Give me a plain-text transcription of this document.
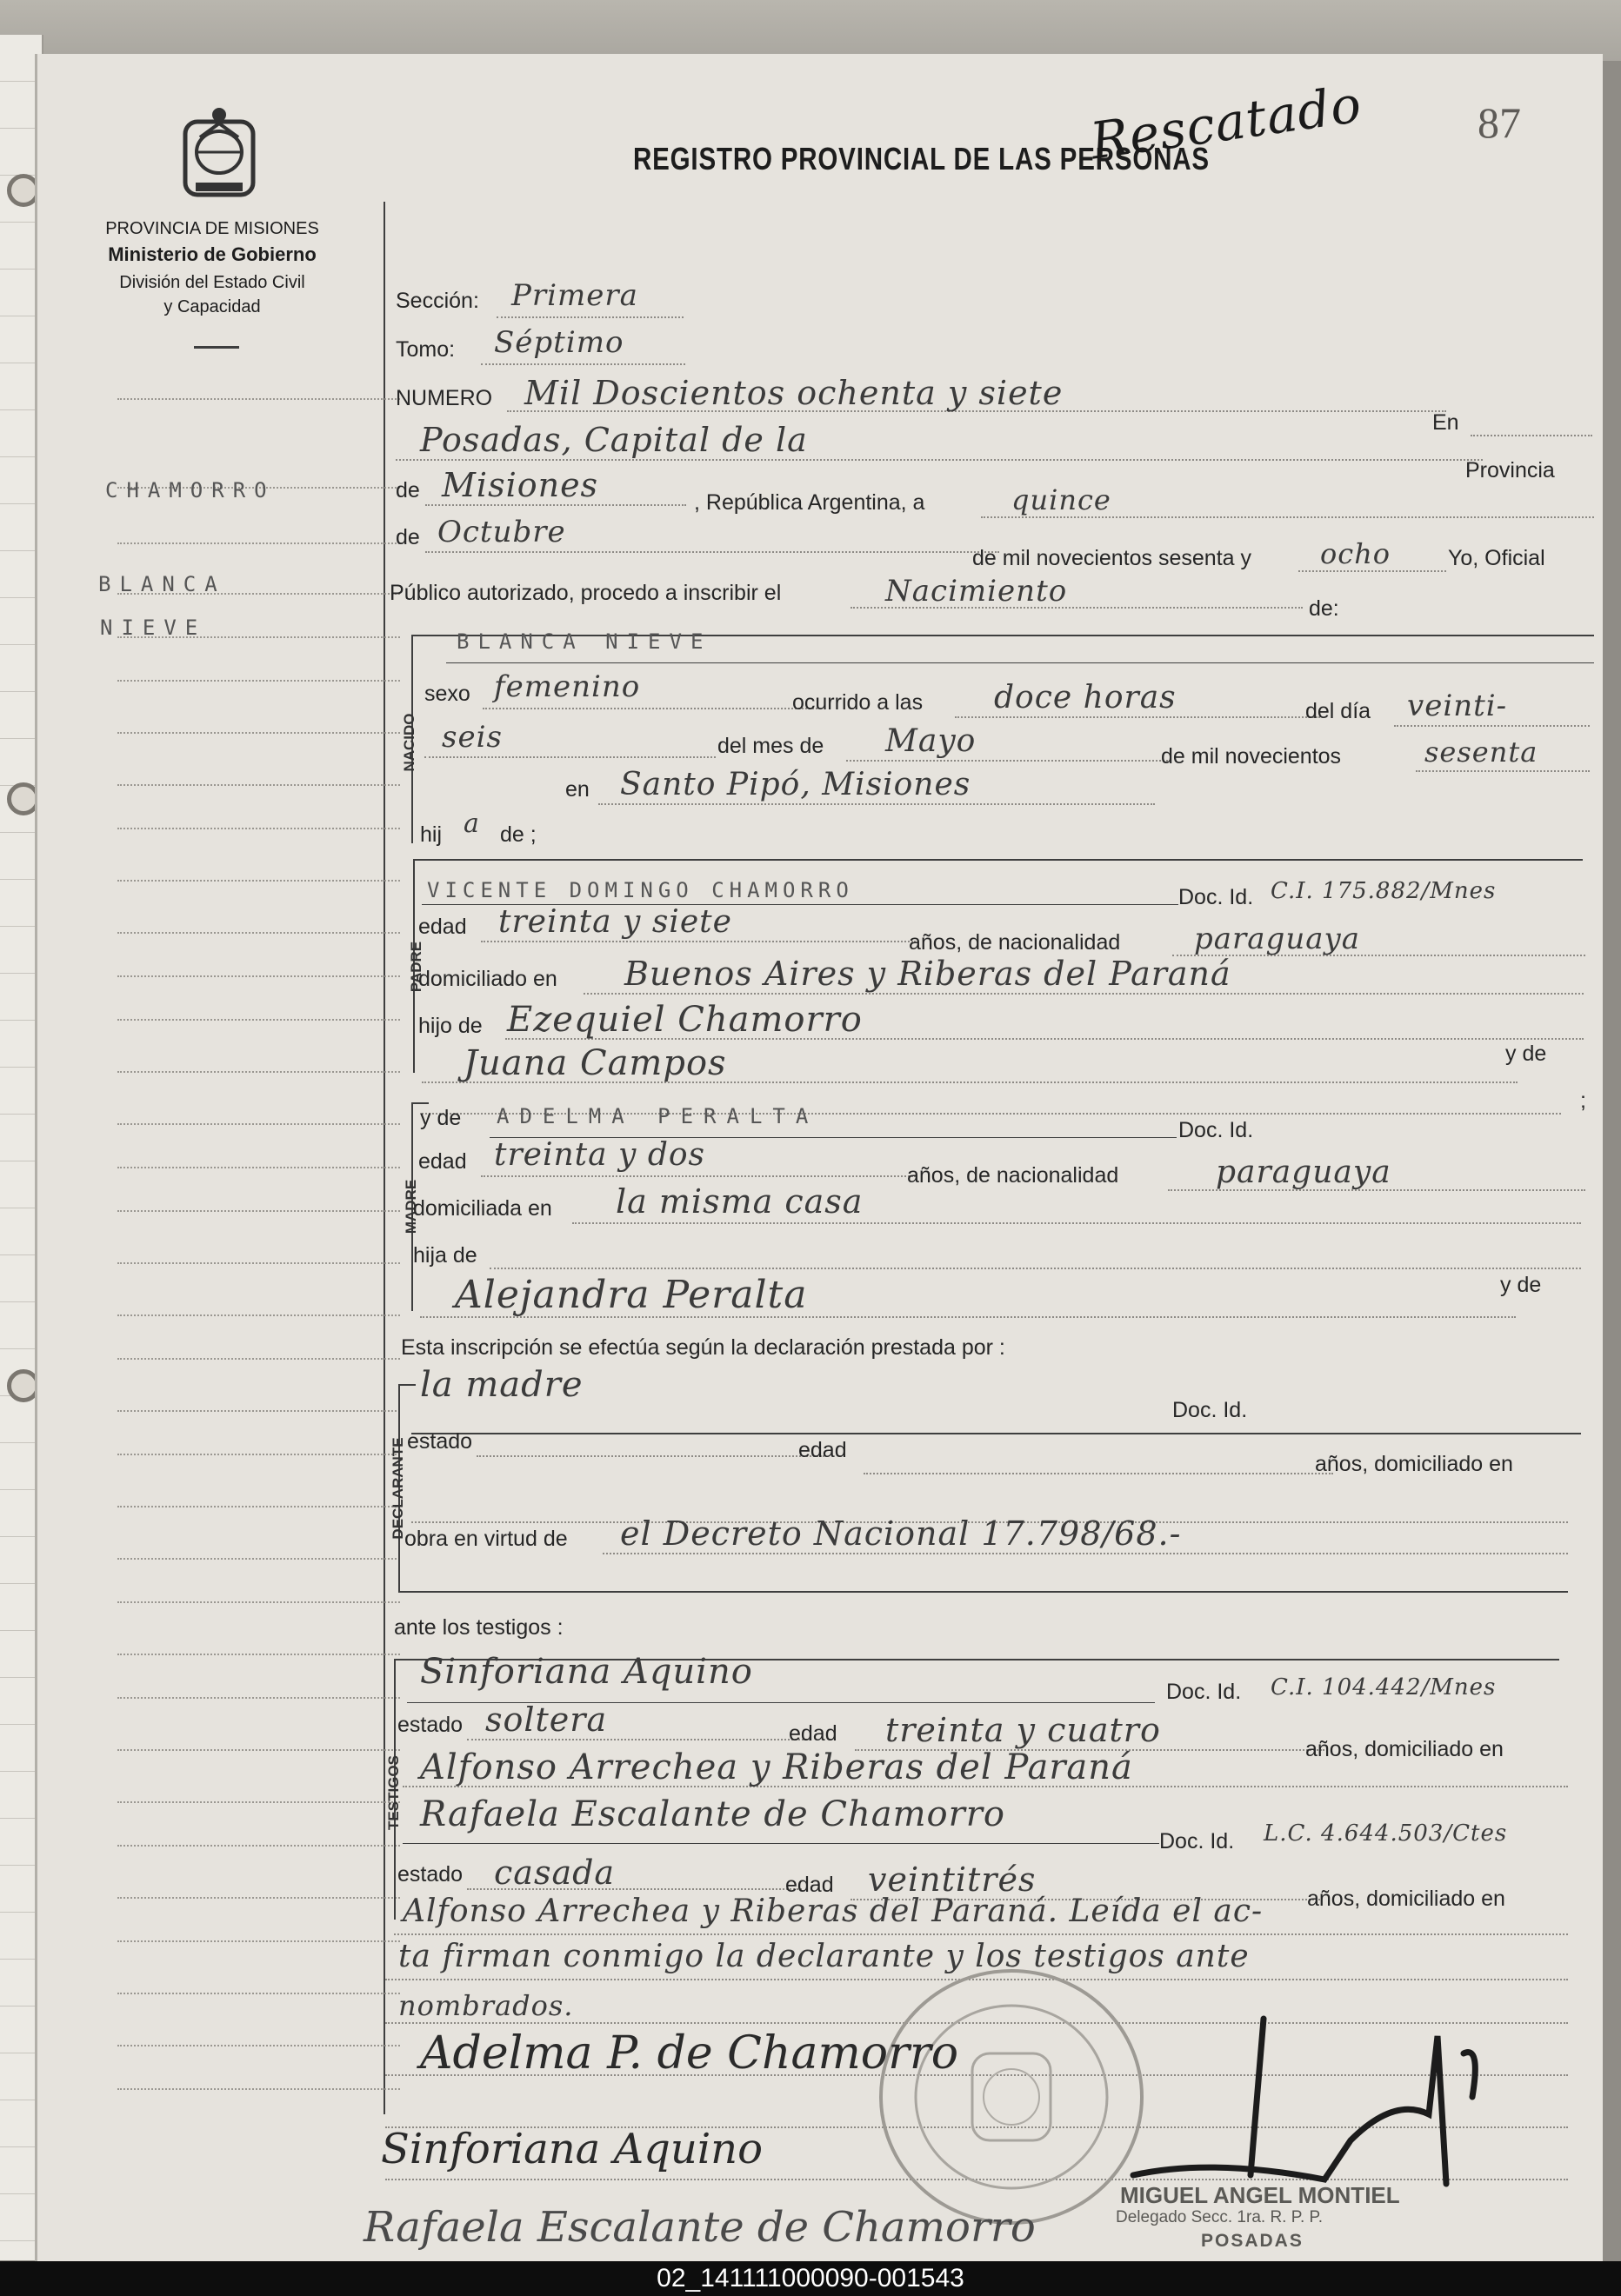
PROVINCIA DE MISIONES
Ministerio de Gobierno
División del Estado Civil
y Capacidad
REGISTRO PROVINCIAL DE LAS PERSONAS
Rescatado	87
CHAMORRO
BLANCA
NIEVE
Sección: Primera
Tomo: Séptimo
NUMERO Mil Doscientos ochenta y siete
En
Posadas, Capital de la
Provincia
de Misiones	, República Argentina, a	quince
de Octubre
de mil novecientos sesenta y ocho	Yo, Oficial
Público autorizado, procedo a inscribir el	Nacimiento	de:
NACIDO
BLANCA NIEVE
sexo femenino	ocurrido a las doce horas	del día veinti-
seis	del mes de Mayo	de mil novecientos	sesenta
en Santo Pipó, Misiones
hij a de ;
PADRE
VICENTE DOMINGO CHAMORRO	Doc. Id. C.I. 175.882/Mnes
edad treinta y siete
años, de nacionalidad paraguaya
domiciliado en Buenos Aires y Riberas del Paraná
hijo de Ezequiel Chamorro
Juana Campos	y de
;
MADRE
y de ADELMA PERALTA
Doc. Id.
edad treinta y dos
años, de nacionalidad	paraguaya
domiciliada en la misma casa
hija de
Alejandra Peralta	y de
Esta inscripción se efectúa según la declaración prestada por :
DECLARANTE
la madre
Doc. Id.
estado	edad
años, domiciliado en
obra en virtud de el Decreto Nacional 17.798/68.-
ante los testigos :
TESTIGOS
Sinforiana Aquino	Doc. Id. C.I. 104.442/Mnes
estado soltera	edad treinta y cuatro	años, domiciliado en
Alfonso Arrechea y Riberas del Paraná
Rafaela Escalante de Chamorro
Doc. Id. L.C. 4.644.503/Ctes
estado casada	edad veintitrés	años, domiciliado en
Alfonso Arrechea y Riberas del Paraná. Leída el ac-
ta firman conmigo la declarante y los testigos ante
nombrados.
Adelma P. de Chamorro
Sinforiana Aquino
Rafaela Escalante de Chamorro
MIGUEL ANGEL MONTIEL
Delegado Secc. 1ra. R. P. P.
POSADAS
02_141111000090-001543
